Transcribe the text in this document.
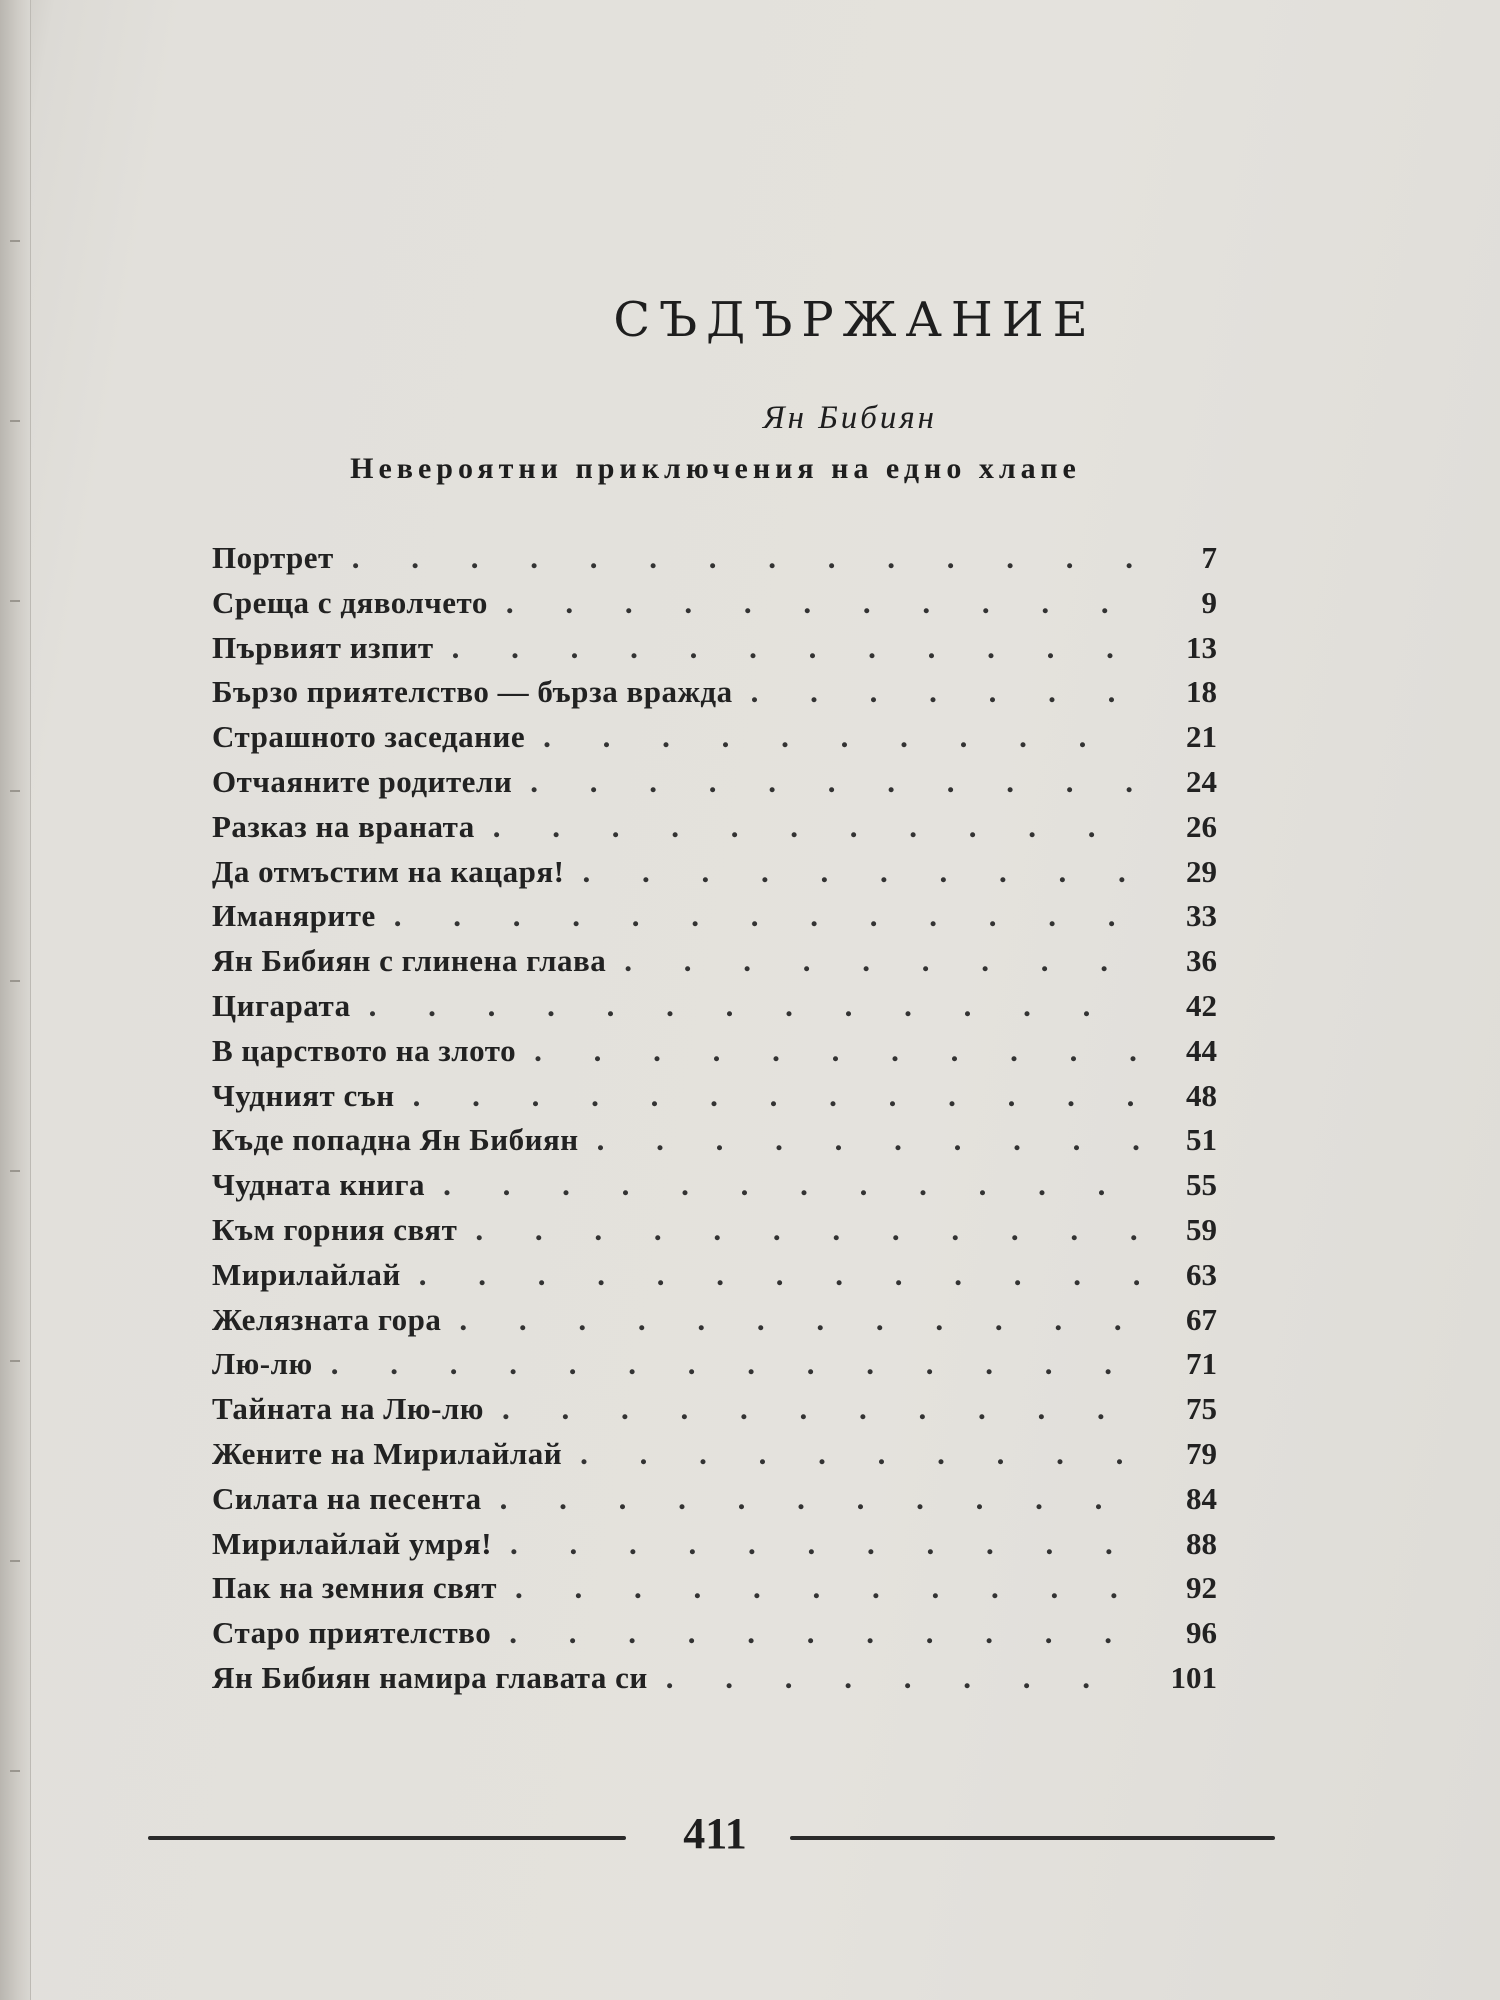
СЪДЪРЖАНИЕ
Ян Бибиян
Невероятни приключения на едно хлапе
Портрет . . .	7
Среща с дяволчето . . .	9
Първият изпит . . .	13
Бързо приятелство — бърза вражда . . .	18
Страшното заседание . . .	21
Отчаяните родители . . .	24
Разказ на враната . . .	26
Да отмъстим на кацаря! . . .	29
Иманярите . . .	33
Ян Бибиян с глинена глава . . .	36
Цигарата . . .	42
В царството на злото . . .	44
Чудният сън . . .	48
Къде попадна Ян Бибиян . . .	51
Чудната книга . . .	55
Към горния свят . . .	59
Мирилайлай . . .	63
Желязната гора . . .	67
Лю-лю . . .	71
Тайната на Лю-лю . . .	75
Жените на Мирилайлай . . .	79
Силата на песента . . .	84
Мирилайлай умря! . . .	88
Пак на земния свят . . .	92
Старо приятелство . . .	96
Ян Бибиян намира главата си . . .	101
411
